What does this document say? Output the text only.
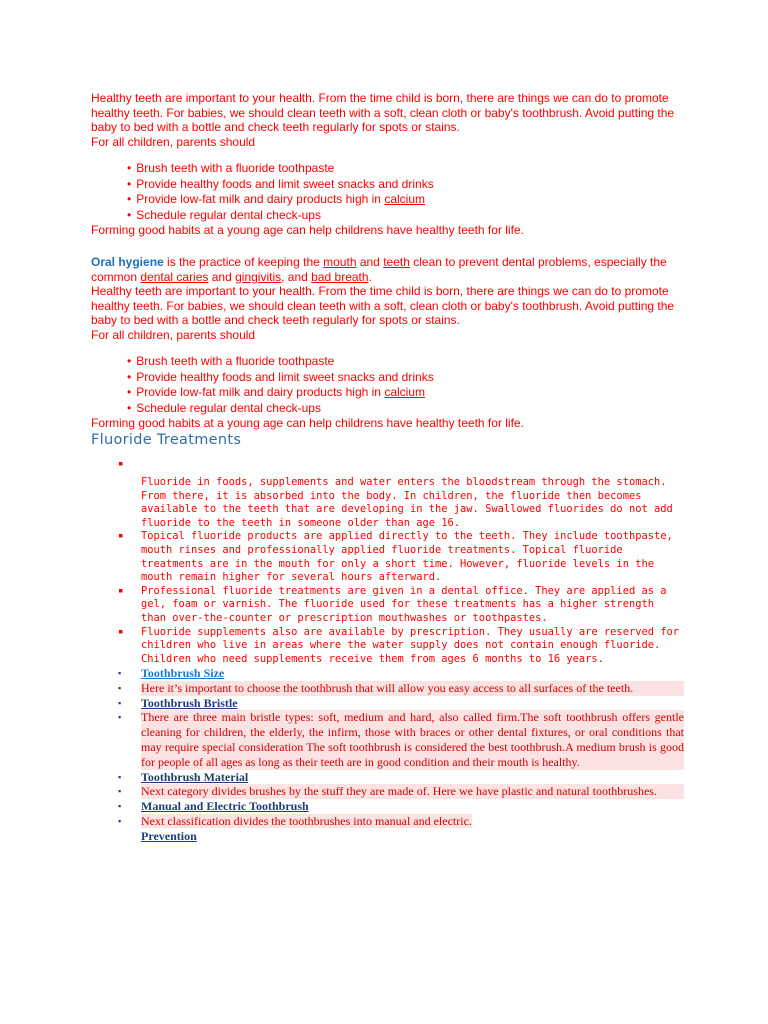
Healthy teeth are important to your health. From the time child is born, there are things we can do to promote healthy teeth. For babies, we should clean teeth with a soft, clean cloth or baby's toothbrush. Avoid putting the baby to bed with a bottle and check teeth regularly for spots or stains.

For all children, parents should

• Brush teeth with a fluoride toothpaste
• Provide healthy foods and limit sweet snacks and drinks
• Provide low-fat milk and dairy products high in calcium
• Schedule regular dental check-ups

Forming good habits at a young age can help childrens have healthy teeth for life.

Oral hygiene is the practice of keeping the mouth and teeth clean to prevent dental problems, especially the common dental caries and gingivitis, and bad breath.

Healthy teeth are important to your health. From the time child is born, there are things we can do to promote healthy teeth. For babies, we should clean teeth with a soft, clean cloth or baby's toothbrush. Avoid putting the baby to bed with a bottle and check teeth regularly for spots or stains.

For all children, parents should

• Brush teeth with a fluoride toothpaste
• Provide healthy foods and limit sweet snacks and drinks
• Provide low-fat milk and dairy products high in calcium
• Schedule regular dental check-ups

Forming good habits at a young age can help childrens have healthy teeth for life.

Fluoride Treatments
▪
Fluoride in foods, supplements and water enters the bloodstream through the stomach. From there, it is absorbed into the body. In children, the fluoride then becomes available to the teeth that are developing in the jaw. Swallowed fluorides do not add fluoride to the teeth in someone older than age 16.
▪ Topical fluoride products are applied directly to the teeth. They include toothpaste, mouth rinses and professionally applied fluoride treatments. Topical fluoride treatments are in the mouth for only a short time. However, fluoride levels in the mouth remain higher for several hours afterward.
▪ Professional fluoride treatments are given in a dental office. They are applied as a gel, foam or varnish. The fluoride used for these treatments has a higher strength than over-the-counter or prescription mouthwashes or toothpastes.
▪ Fluoride supplements also are available by prescription. They usually are reserved for children who live in areas where the water supply does not contain enough fluoride. Children who need supplements receive them from ages 6 months to 16 years.
▪ Toothbrush Size
▪ Here it’s important to choose the toothbrush that will allow you easy access to all surfaces of the teeth.
▪ Toothbrush Bristle
▪ There are three main bristle types: soft, medium and hard, also called firm.The soft toothbrush offers gentle cleaning for children, the elderly, the infirm, those with braces or other dental fixtures, or oral conditions that may require special consideration The soft toothbrush is considered the best toothbrush.A medium brush is good for people of all ages as long as their teeth are in good condition and their mouth is healthy.
▪ Toothbrush Material
▪ Next category divides brushes by the stuff they are made of. Here we have plastic and natural toothbrushes.
▪ Manual and Electric Toothbrush
▪ Next classification divides the toothbrushes into manual and electric.
Prevention
